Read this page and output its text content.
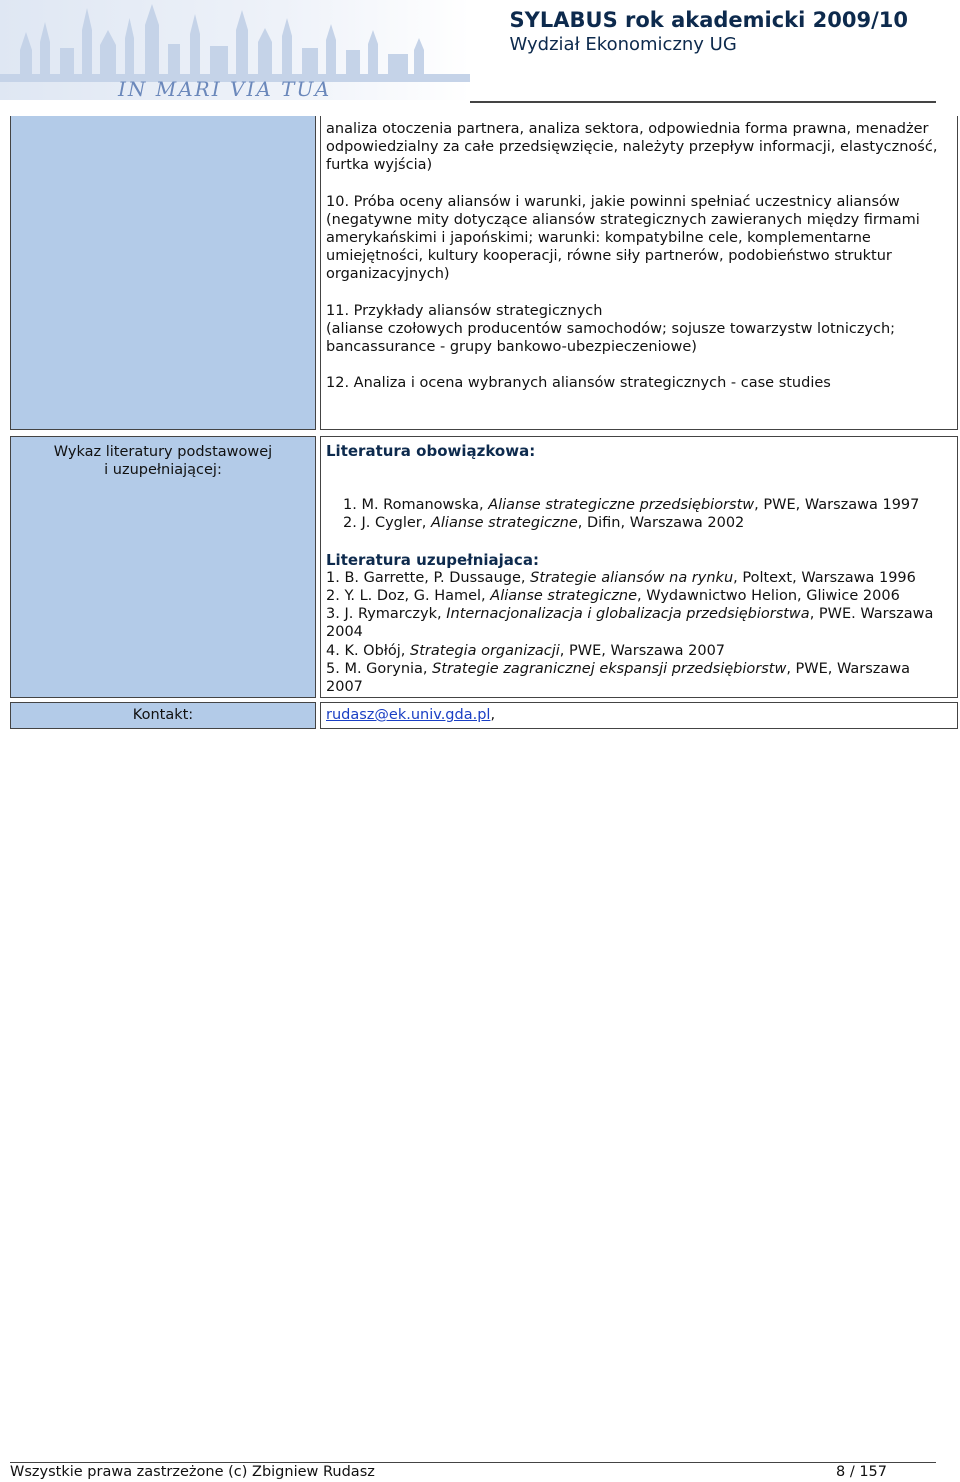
IN MARI VIA TUA
SYLABUS rok akademicki 2009/10
Wydział Ekonomiczny UG

analiza otoczenia partnera, analiza sektora, odpowiednia forma prawna, menadżer odpowiedzialny za całe przedsięwzięcie, należyty przepływ informacji, elastyczność, furtka wyjścia)

10. Próba oceny aliansów i warunki, jakie powinni spełniać uczestnicy aliansów (negatywne mity dotyczące aliansów strategicznych zawieranych między firmami amerykańskimi i japońskimi; warunki: kompatybilne cele, komplementarne umiejętności, kultury kooperacji, równe siły partnerów, podobieństwo struktur organizacyjnych)

11. Przykłady aliansów strategicznych

(alianse czołowych producentów samochodów; sojusze towarzystw lotniczych; bancassurance - grupy bankowo-ubezpieczeniowe)

12. Analiza i ocena wybranych aliansów strategicznych - case studies

Wykaz literatury podstawowej
i uzupełniającej:

Literatura obowiązkowa:

1. M. Romanowska, Alianse strategiczne przedsiębiorstw, PWE, Warszawa 1997

2. J. Cygler, Alianse strategiczne, Difin, Warszawa 2002

Literatura uzupełniajaca:

1. B. Garrette, P. Dussauge, Strategie aliansów na rynku, Poltext, Warszawa 1996

2. Y. L. Doz, G. Hamel, Alianse strategiczne, Wydawnictwo Helion, Gliwice 2006

3. J. Rymarczyk, Internacjonalizacja i globalizacja przedsiębiorstwa, PWE. Warszawa 2004

4. K. Obłój, Strategia organizacji, PWE, Warszawa 2007

5. M. Gorynia, Strategie zagranicznej ekspansji przedsiębiorstw, PWE, Warszawa 2007

Kontakt:	rudasz@ek.univ.gda.pl,
Wszystkie prawa zastrzeżone (c) Zbigniew Rudasz	8 / 157
